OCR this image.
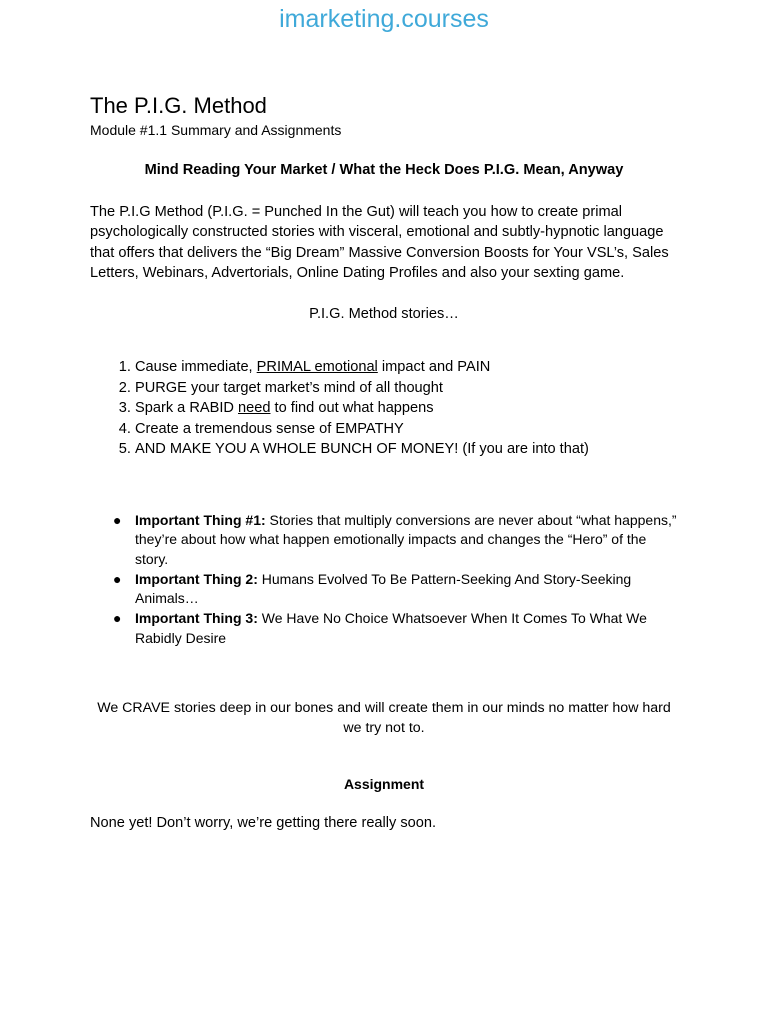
imarketing.courses
The P.I.G. Method

Module #1.1 Summary and Assignments

Mind Reading Your Market / What the Heck Does P.I.G. Mean, Anyway
The P.I.G Method (P.I.G. = Punched In the Gut) will teach you how to create primal psychologically constructed stories with visceral, emotional and subtly-hypnotic language that offers that delivers the “Big Dream” Massive Conversion Boosts for Your VSL’s, Sales Letters, Webinars, Advertorials, Online Dating Profiles and also your sexting game.
P.I.G. Method stories…
1. Cause immediate, PRIMAL emotional impact and PAIN
2. PURGE your target market’s mind of all thought
3. Spark a RABID need to find out what happens
4. Create a tremendous sense of EMPATHY
5. AND MAKE YOU A WHOLE BUNCH OF MONEY! (If you are into that)
● Important Thing #1: Stories that multiply conversions are never about “what happens,” they’re about how what happen emotionally impacts and changes the “Hero” of the story.
● Important Thing 2: Humans Evolved To Be Pattern-Seeking And Story-Seeking Animals…
● Important Thing 3: We Have No Choice Whatsoever When It Comes To What We Rabidly Desire
We CRAVE stories deep in our bones and will create them in our minds no matter how hard we try not to.
Assignment
None yet! Don’t worry, we’re getting there really soon.
